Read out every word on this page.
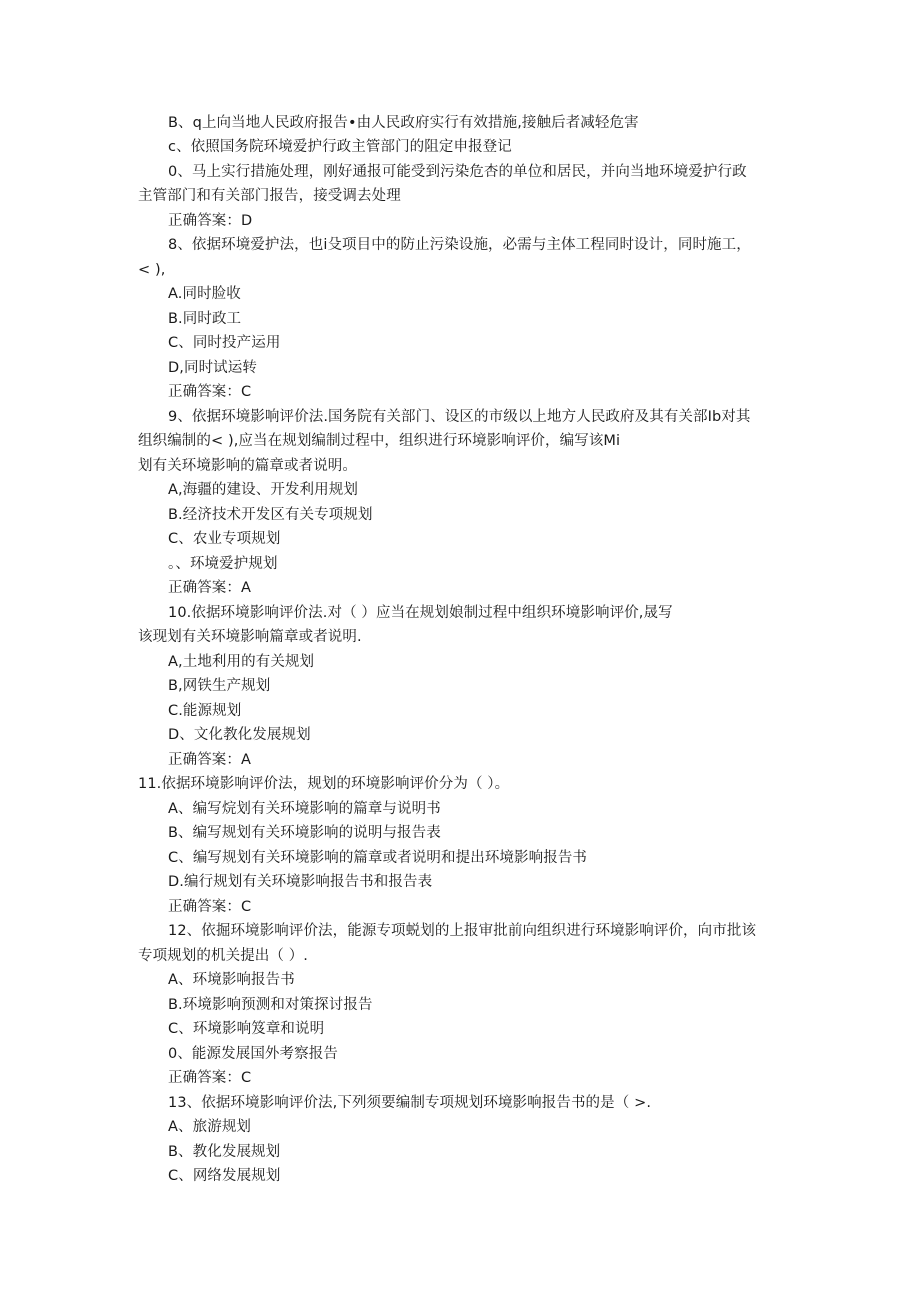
B、q上向当地人民政府报告•由人民政府实行有效措施,接触后者减轻危害
c、依照国务院环境爱护行政主管部门的阻定申报登记
0、马上实行措施处理，刚好通报可能受到污染危杏的单位和居民，并向当地环境爱护行政
主管部门和有关部门报告，接受调去处理
正确答案：D
8、依据环境爱护法，也i殳项目中的防止污染设施，必需与主体工程同时设计，同时施工，
< ),
A.同时脸收
B.同时政工
C、同时投产运用
D,同时试运转
正确答案：C
9、依据环境影响评价法.国务院有关部门、设区的市级以上地方人民政府及其有关部Ib对其
组织编制的< ),应当在规划编制过程中，组织进行环境影响评价，编写该Mi
划有关环境影响的篇章或者说明。
A,海疆的建设、开发利用规划
B.经济技术开发区有关专项规划
C、农业专项规划
。、环境爱护规划
正确答案：A
10.依据环境影响评价法.对（ ）应当在规划娘制过程中组织环境影响评价,晟写
该现划有关环境影响篇章或者说明.
A,土地利用的有关规划
B,网铁生产规划
C.能源规划
D、文化教化发展规划
正确答案：A
11.依据环境影响评价法，规划的环境影响评价分为（ ）。
A、编写烷划有关环境影响的篇章与说明书
B、编写规划有关环境影响的说明与报告表
C、编写规划有关环境影响的篇章或者说明和提出环境影响报告书
D.编行规划有关环境影响报告书和报告表
正确答案：C
12、依掘环境影响评价法，能源专项蜕划的上报审批前向组织进行环境影响评价，向市批该
专项规划的机关提出（ ）.
A、环境影响报告书
B.环境影响预测和对策探讨报告
C、环境影响笈章和说明
0、能源发展国外考察报告
正确答案：C
13、依据环境影响评价法,下列须要编制专项规划环境影响报告书的是（ >.
A、旅游规划
B、教化发展规划
C、网络发展规划
